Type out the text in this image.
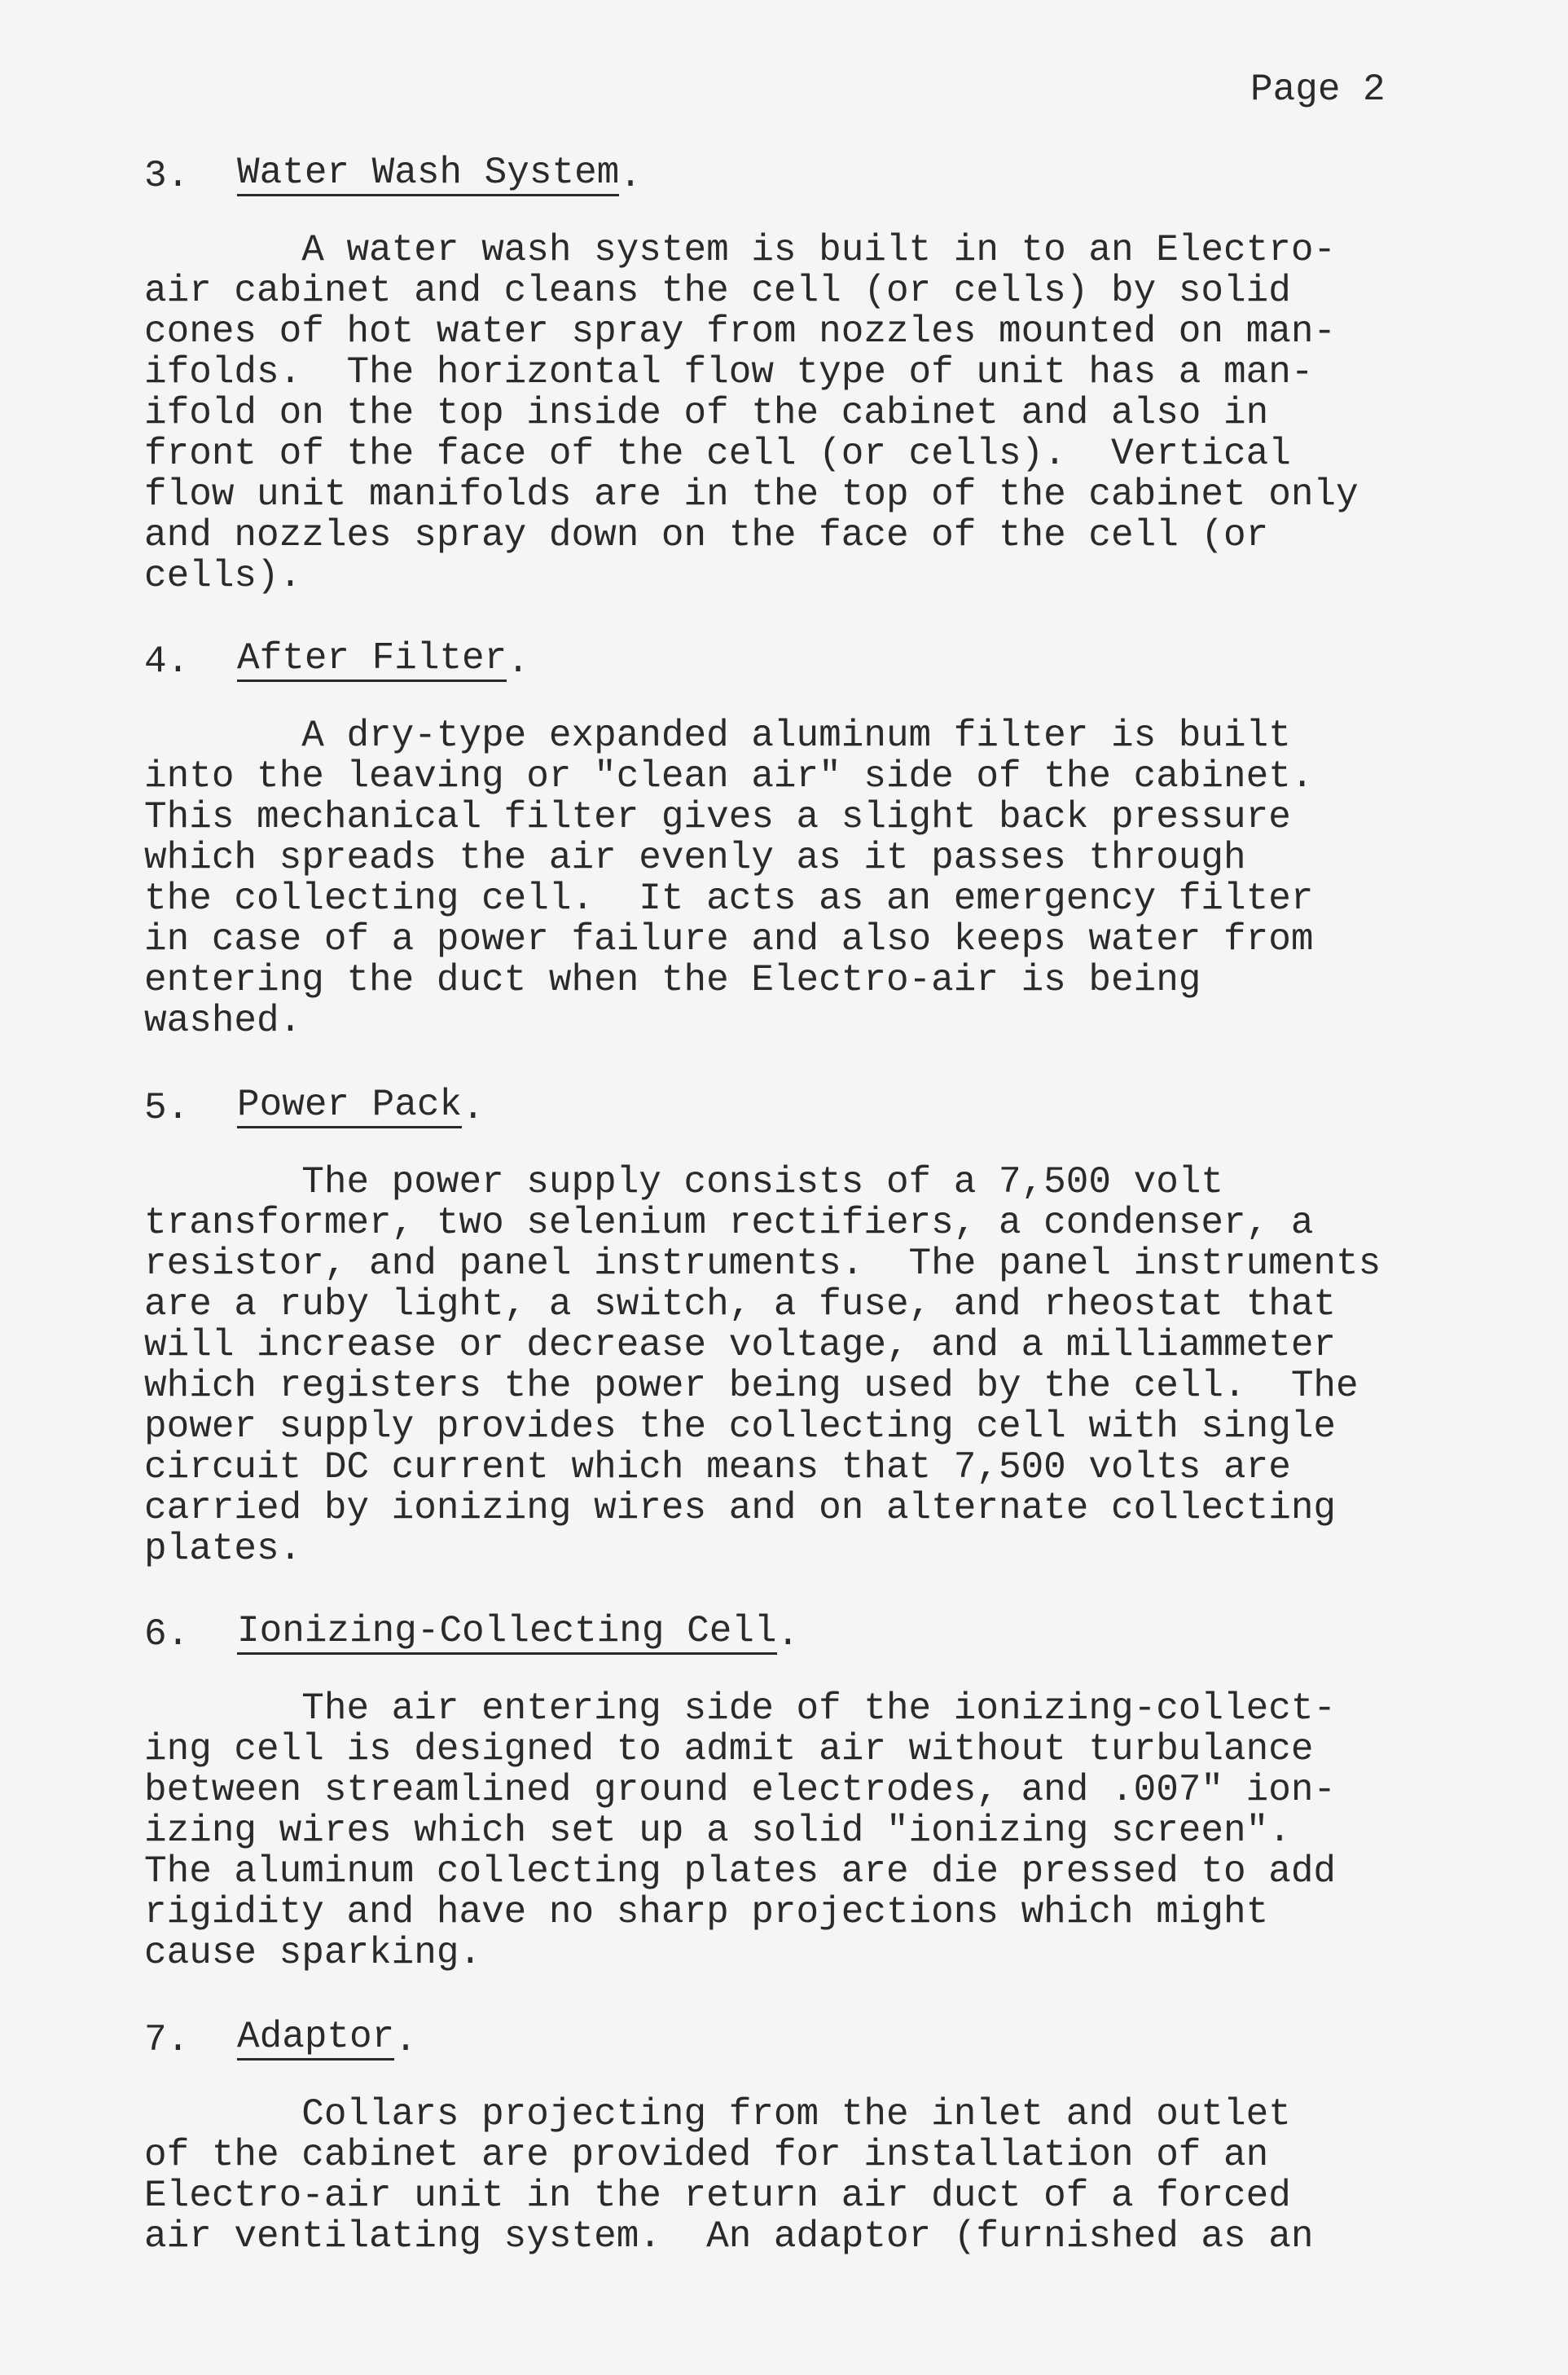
Page 2
3.	Water Wash System .
A water wash system is built in to an Electro-
air cabinet and cleans the cell (or cells) by solid
cones of hot water spray from nozzles mounted on man-
ifolds.  The horizontal flow type of unit has a man-
ifold on the top inside of the cabinet and also in
front of the face of the cell (or cells).  Vertical
flow unit manifolds are in the top of the cabinet only
and nozzles spray down on the face of the cell (or
cells).
4.	After Filter .
A dry-type expanded aluminum filter is built
into the leaving or "clean air" side of the cabinet.
This mechanical filter gives a slight back pressure
which spreads the air evenly as it passes through
the collecting cell.  It acts as an emergency filter
in case of a power failure and also keeps water from
entering the duct when the Electro-air is being
washed.
5.	Power Pack .
The power supply consists of a 7,500 volt
transformer, two selenium rectifiers, a condenser, a
resistor, and panel instruments.  The panel instruments
are a ruby light, a switch, a fuse, and rheostat that
will increase or decrease voltage, and a milliammeter
which registers the power being used by the cell.  The
power supply provides the collecting cell with single
circuit DC current which means that 7,500 volts are
carried by ionizing wires and on alternate collecting
plates.
6.	Ionizing-Collecting Cell .
The air entering side of the ionizing-collect-
ing cell is designed to admit air without turbulance
between streamlined ground electrodes, and .007" ion-
izing wires which set up a solid "ionizing screen".
The aluminum collecting plates are die pressed to add
rigidity and have no sharp projections which might
cause sparking.
7.	Adaptor .
Collars projecting from the inlet and outlet
of the cabinet are provided for installation of an
Electro-air unit in the return air duct of a forced
air ventilating system.  An adaptor (furnished as an
